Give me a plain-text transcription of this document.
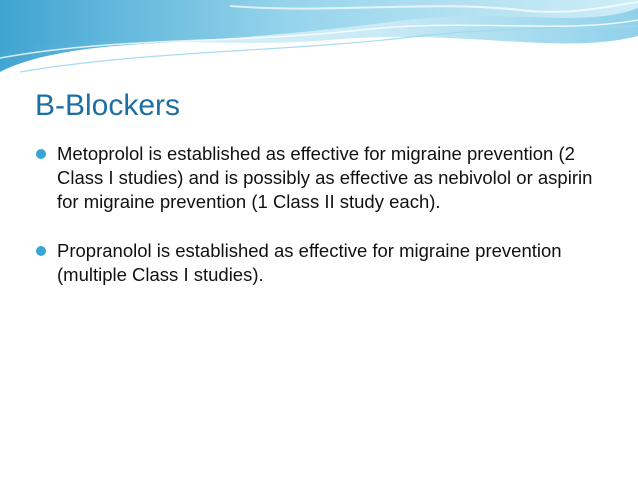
B-Blockers
Metoprolol is established as effective for migraine prevention (2 Class I studies) and is possibly as effective as nebivolol or aspirin for migraine prevention (1 Class II study each).
Propranolol is established as effective for migraine prevention (multiple Class I studies).
